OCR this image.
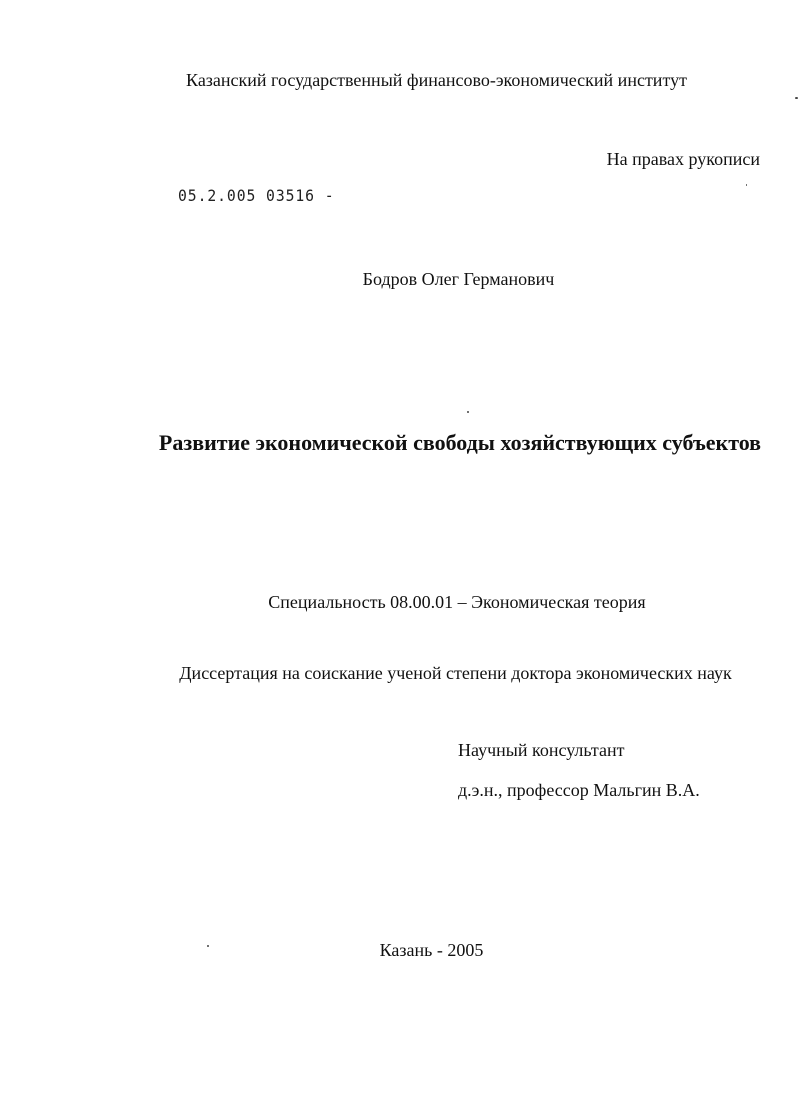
Казанский государственный финансово-экономический институт
На правах рукописи
05.2.005 03516 -
Бодров Олег Германович
Развитие экономической свободы хозяйствующих субъектов
Специальность 08.00.01 – Экономическая теория
Диссертация на соискание ученой степени доктора экономических наук
Научный консультант
д.э.н., профессор Мальгин В.А.
Казань - 2005
